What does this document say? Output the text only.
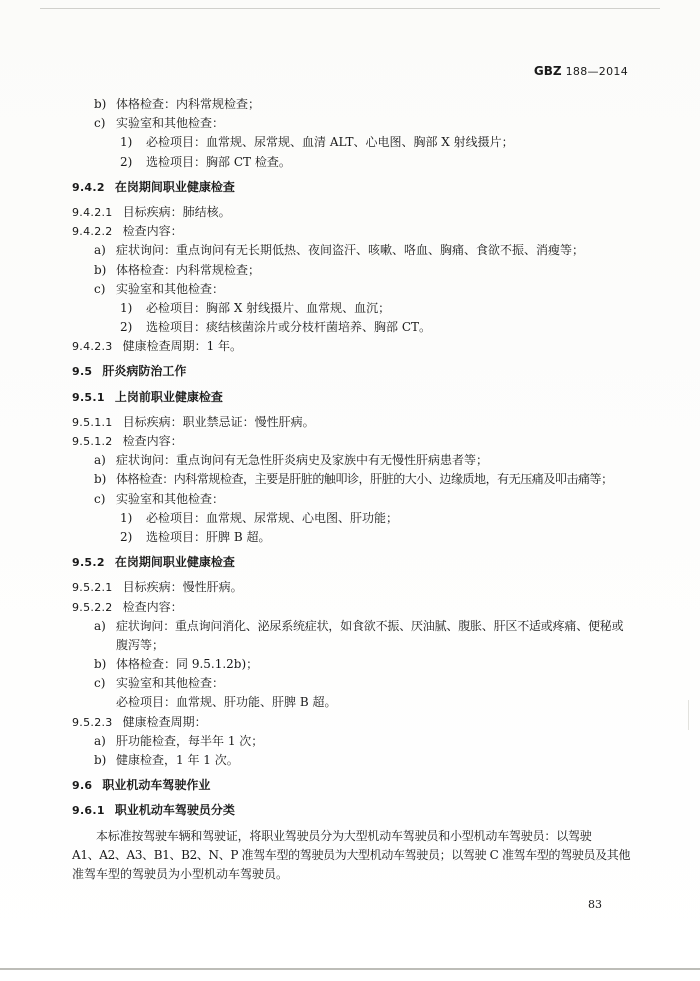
GBZ 188—2014
b) 体格检查：内科常规检查；
c) 实验室和其他检查：
1) 必检项目：血常规、尿常规、血清 ALT、心电图、胸部 X 射线摄片；
2) 选检项目：胸部 CT 检查。
9.4.2 在岗期间职业健康检查
9.4.2.1 目标疾病：肺结核。
9.4.2.2 检查内容：
a) 症状询问：重点询问有无长期低热、夜间盗汗、咳嗽、咯血、胸痛、食欲不振、消瘦等；
b) 体格检查：内科常规检查；
c) 实验室和其他检查：
1) 必检项目：胸部 X 射线摄片、血常规、血沉；
2) 选检项目：痰结核菌涂片或分枝杆菌培养、胸部 CT。
9.4.2.3 健康检查周期：1 年。
9.5 肝炎病防治工作
9.5.1 上岗前职业健康检查
9.5.1.1 目标疾病：职业禁忌证：慢性肝病。
9.5.1.2 检查内容：
a) 症状询问：重点询问有无急性肝炎病史及家族中有无慢性肝病患者等；
b) 体格检查：内科常规检查，主要是肝脏的触叩诊，肝脏的大小、边缘质地，有无压痛及叩击痛等；
c) 实验室和其他检查：
1) 必检项目：血常规、尿常规、心电图、肝功能；
2) 选检项目：肝脾 B 超。
9.5.2 在岗期间职业健康检查
9.5.2.1 目标疾病：慢性肝病。
9.5.2.2 检查内容：
a) 症状询问：重点询问消化、泌尿系统症状，如食欲不振、厌油腻、腹胀、肝区不适或疼痛、便秘或
腹泻等；
b) 体格检查：同 9.5.1.2b)；
c) 实验室和其他检查：
必检项目：血常规、肝功能、肝脾 B 超。
9.5.2.3 健康检查周期：
a) 肝功能检查，每半年 1 次；
b) 健康检查，1 年 1 次。
9.6 职业机动车驾驶作业
9.6.1 职业机动车驾驶员分类
本标准按驾驶车辆和驾驶证，将职业驾驶员分为大型机动车驾驶员和小型机动车驾驶员：以驾驶
A1、A2、A3、B1、B2、N、P 准驾车型的驾驶员为大型机动车驾驶员；以驾驶 C 准驾车型的驾驶员及其他
准驾车型的驾驶员为小型机动车驾驶员。
83
